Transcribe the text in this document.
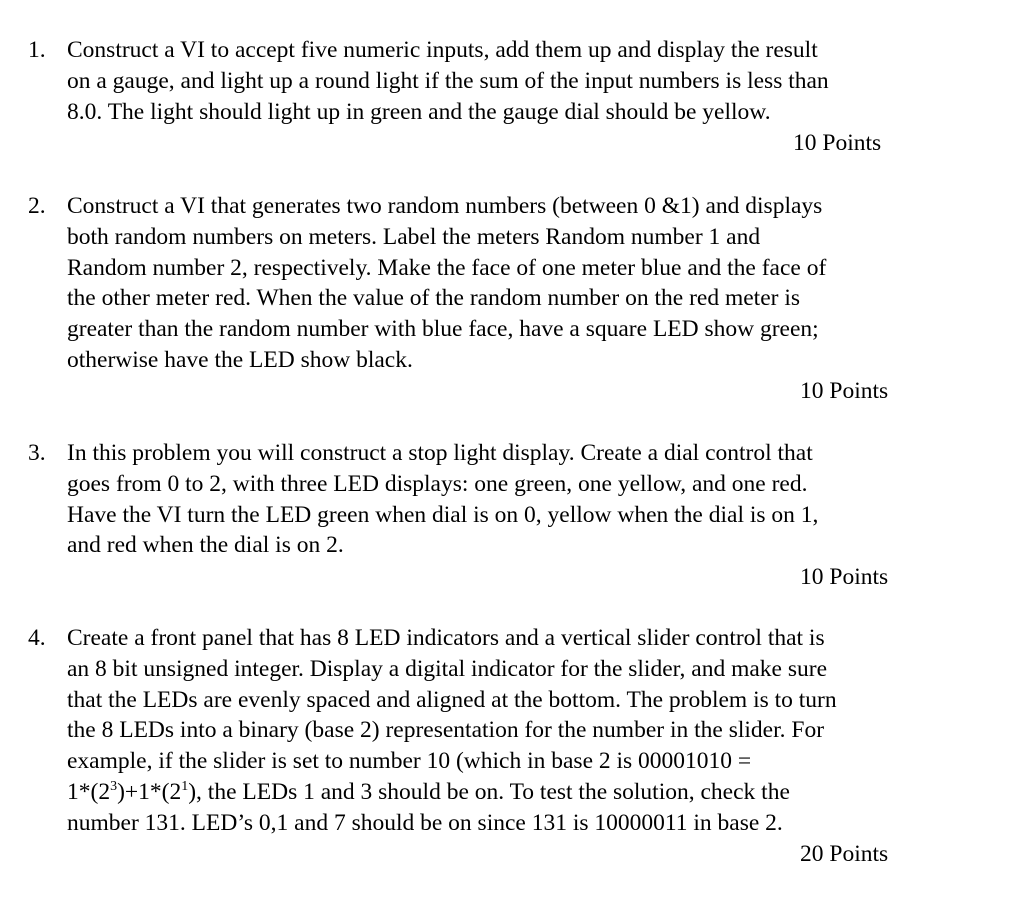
1. Construct a VI to accept five numeric inputs, add them up and display the result
on a gauge, and light up a round light if the sum of the input numbers is less than
8.0. The light should light up in green and the gauge dial should be yellow.
10 Points
2. Construct a VI that generates two random numbers (between 0 &1) and displays
both random numbers on meters. Label the meters Random number 1 and
Random number 2, respectively. Make the face of one meter blue and the face of
the other meter red. When the value of the random number on the red meter is
greater than the random number with blue face, have a square LED show green;
otherwise have the LED show black.
10 Points
3. In this problem you will construct a stop light display. Create a dial control that
goes from 0 to 2, with three LED displays: one green, one yellow, and one red.
Have the VI turn the LED green when dial is on 0, yellow when the dial is on 1,
and red when the dial is on 2.
10 Points
4. Create a front panel that has 8 LED indicators and a vertical slider control that is
an 8 bit unsigned integer. Display a digital indicator for the slider, and make sure
that the LEDs are evenly spaced and aligned at the bottom. The problem is to turn
the 8 LEDs into a binary (base 2) representation for the number in the slider. For
example, if the slider is set to number 10 (which in base 2 is 00001010 =
$1*(2^3)+1*(2^1)$, the LEDs 1 and 3 should be on. To test the solution, check the
number 131. LED’s 0,1 and 7 should be on since 131 is 10000011 in base 2.
20 Points
